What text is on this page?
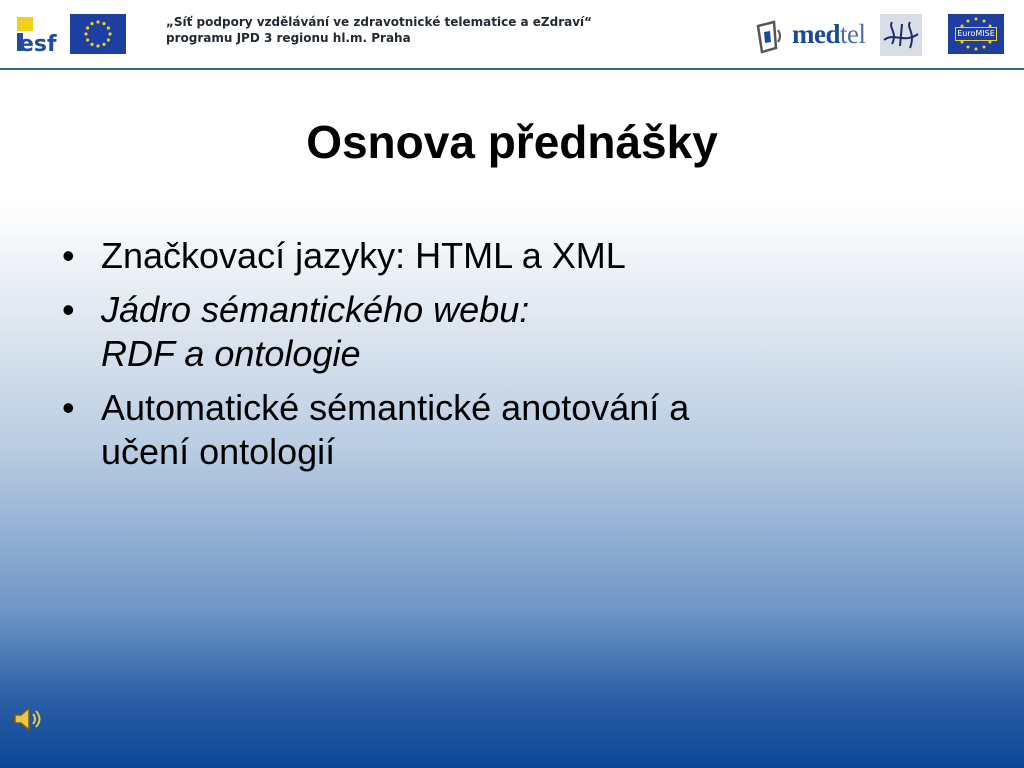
esf
„Síť podpory vzdělávání ve zdravotnické telematice a eZdraví“
programu JPD 3 regionu hl.m. Praha	medtel	EuroMISE
Osnova přednášky
• Značkovací jazyky: HTML a XML
• Jádro sémantického webu:
RDF a ontologie
• Automatické sémantické anotování a
učení ontologií
